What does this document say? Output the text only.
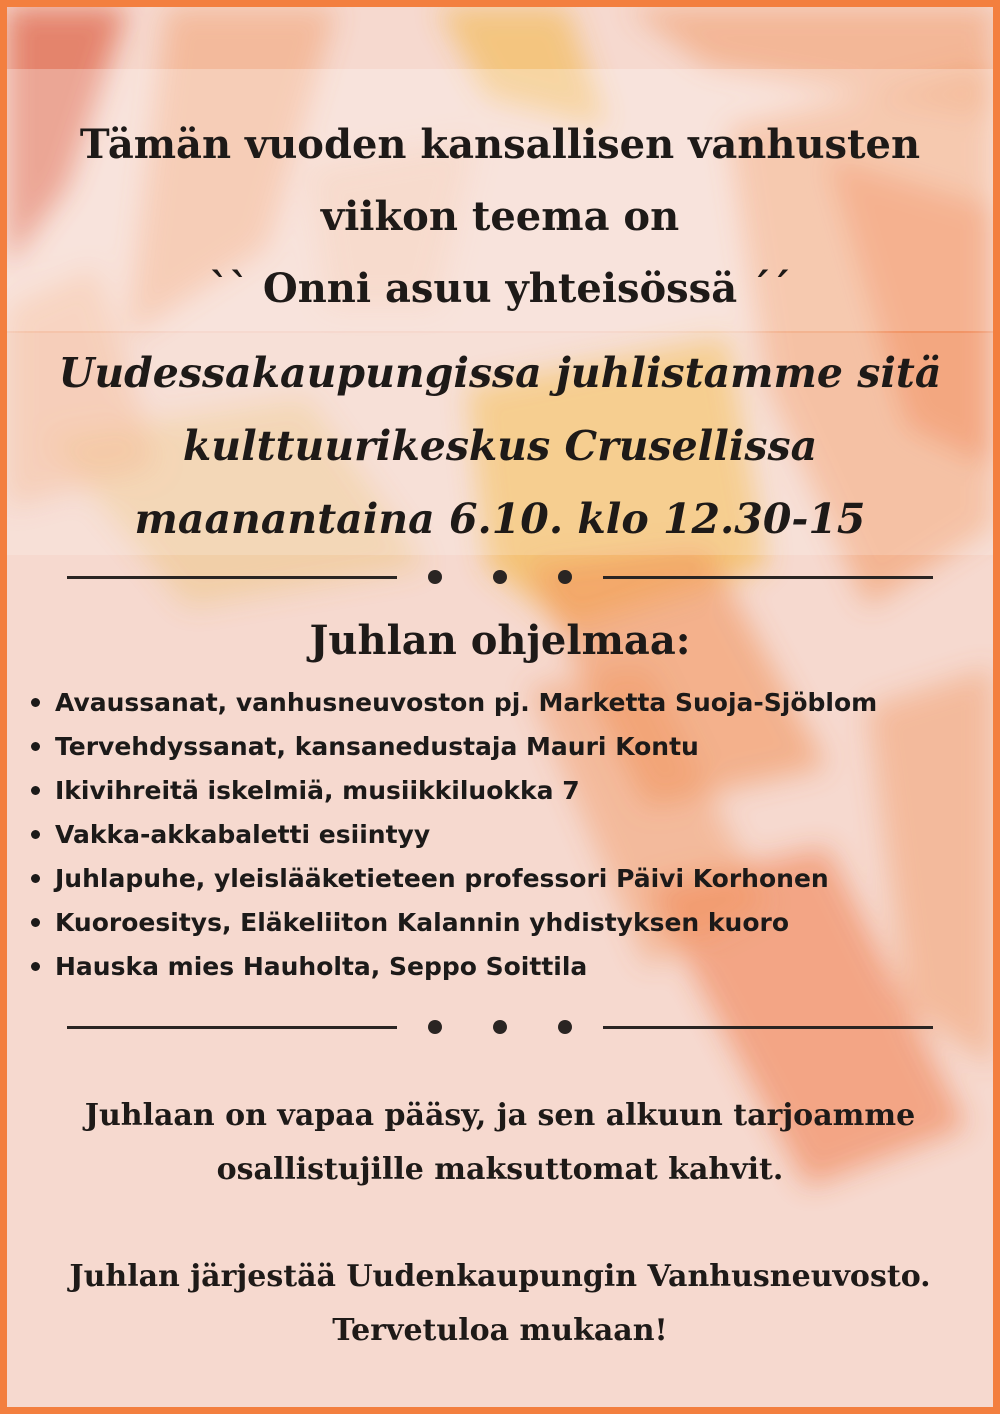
Tämän vuoden kansallisen vanhusten
viikon teema on
`` Onni asuu yhteisössä ´´
Uudessakaupungissa juhlistamme sitä
kulttuurikeskus Crusellissa
maanantaina 6.10. klo 12.30-15
Juhlan ohjelmaa:
Avaussanat, vanhusneuvoston pj. Marketta Suoja-Sjöblom
Tervehdyssanat, kansanedustaja Mauri Kontu
Ikivihreitä iskelmiä, musiikkiluokka 7
Vakka-akkabaletti esiintyy
Juhlapuhe, yleislääketieteen professori Päivi Korhonen
Kuoroesitys, Eläkeliiton Kalannin yhdistyksen kuoro
Hauska mies Hauholta, Seppo Soittila
Juhlaan on vapaa pääsy, ja sen alkuun tarjoamme
osallistujille maksuttomat kahvit.
Juhlan järjestää Uudenkaupungin Vanhusneuvosto.
Tervetuloa mukaan!
